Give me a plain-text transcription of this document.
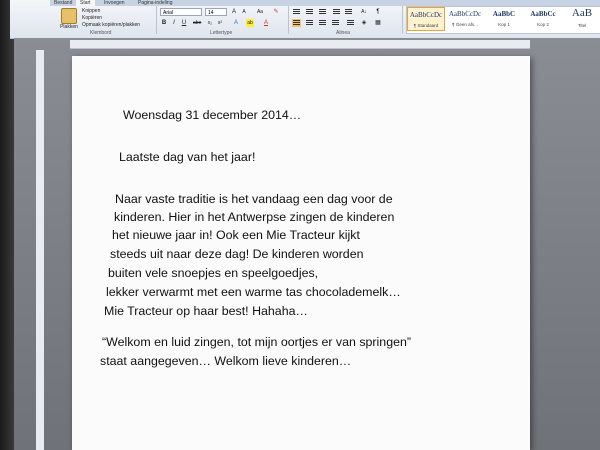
Bestand	Start	Invoegen	Pagina-indeling
Plakken
Knippen
Kopiëren
Opmaak kopiëren/plakken
Klembord
Arial	14	A	A	Aa ✎
B	I	U	abe	x₂	x²	A	ab	A
Lettertype
A↓	¶
◈ ▦
Alinea
AaBbCcDc
¶ Standaard
AaBbCcDc
¶ Geen afs...
AaBbC
Kop 1
AaBbCc
Kop 2
AaB
Titel
Woensdag 31 december 2014…
Laatste dag van het jaar!
Naar vaste traditie is het vandaag een dag voor de
kinderen. Hier in het Antwerpse zingen de kinderen
het nieuwe jaar in! Ook een Mie Tracteur kijkt
steeds uit naar deze dag! De kinderen worden
buiten vele snoepjes en speelgoedjes,
lekker verwarmt met een warme tas chocolademelk…
Mie Tracteur op haar best! Hahaha…
“Welkom en luid zingen, tot mijn oortjes er van springen”
staat aangegeven… Welkom lieve kinderen…
